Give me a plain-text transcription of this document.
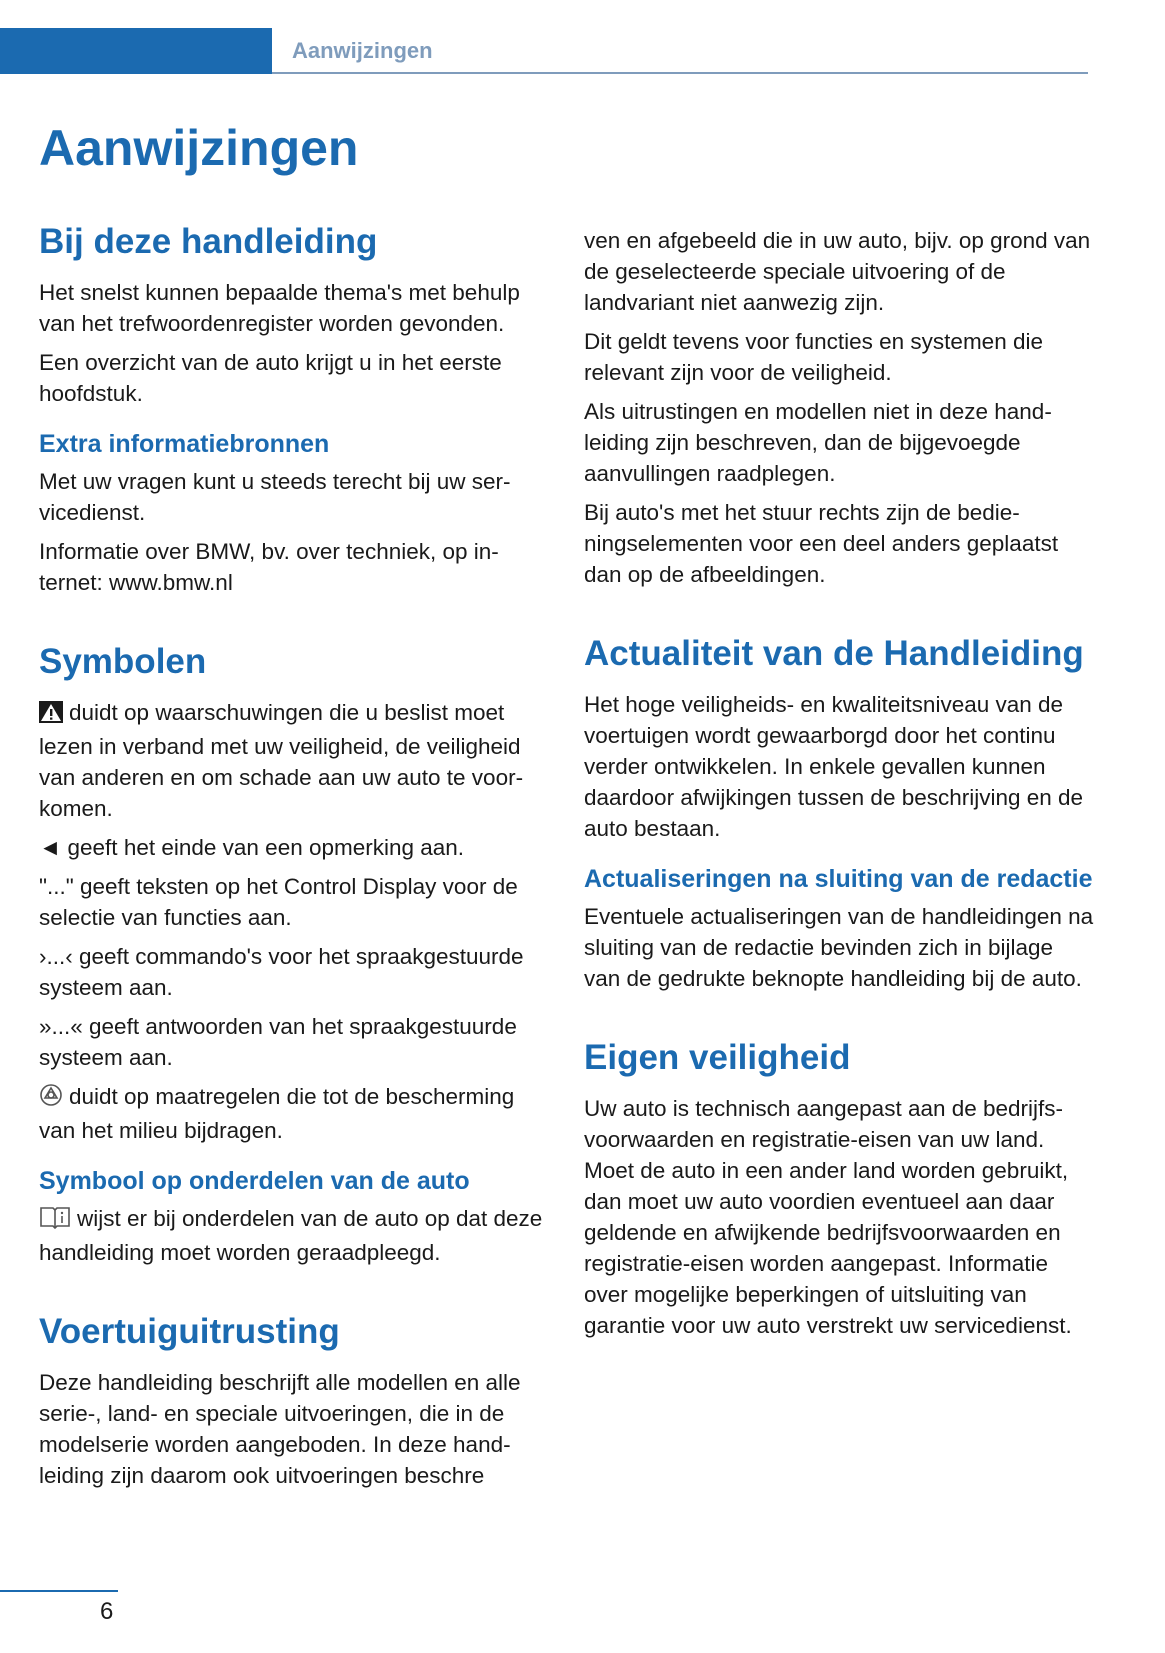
Aanwijzingen
Aanwijzingen
Bij deze handleiding

Het snelst kunnen bepaalde thema's met behulp van het trefwoordenregister worden gevonden.

Een overzicht van de auto krijgt u in het eerste hoofdstuk.

Extra informatiebronnen

Met uw vragen kunt u steeds terecht bij uw servicedienst.

Informatie over BMW, bv. over techniek, op internet: www.bmw.nl

Symbolen

duidt op waarschuwingen die u beslist moet lezen in verband met uw veiligheid, de veiligheid van anderen en om schade aan uw auto te voorkomen.

◄ geeft het einde van een opmerking aan.

"..." geeft teksten op het Control Display voor de selectie van functies aan.

›...‹ geeft commando's voor het spraakgestuurde systeem aan.

»...« geeft antwoorden van het spraakgestuurde systeem aan.

duidt op maatregelen die tot de bescherming van het milieu bijdragen.

Symbool op onderdelen van de auto

wijst er bij onderdelen van de auto op dat deze handleiding moet worden geraadpleegd.

Voertuiguitrusting

Deze handleiding beschrijft alle modellen en alle serie-, land- en speciale uitvoeringen, die in de modelserie worden aangeboden. In deze handleiding zijn daarom ook uitvoeringen beschre

ven en afgebeeld die in uw auto, bijv. op grond van de geselecteerde speciale uitvoering of de landvariant niet aanwezig zijn.

Dit geldt tevens voor functies en systemen die relevant zijn voor de veiligheid.

Als uitrustingen en modellen niet in deze handleiding zijn beschreven, dan de bijgevoegde aanvullingen raadplegen.

Bij auto's met het stuur rechts zijn de bedieningselementen voor een deel anders geplaatst dan op de afbeeldingen.

Actualiteit van de Handleiding

Het hoge veiligheids- en kwaliteitsniveau van de voertuigen wordt gewaarborgd door het continu verder ontwikkelen. In enkele gevallen kunnen daardoor afwijkingen tussen de beschrijving en de auto bestaan.

Actualiseringen na sluiting van de redactie

Eventuele actualiseringen van de handleidingen na sluiting van de redactie bevinden zich in bijlage van de gedrukte beknopte handleiding bij de auto.

Eigen veiligheid

Uw auto is technisch aangepast aan de bedrijfsvoorwaarden en registratie-eisen van uw land. Moet de auto in een ander land worden gebruikt, dan moet uw auto voordien eventueel aan daar geldende en afwijkende bedrijfsvoorwaarden en registratie-eisen worden aangepast. Informatie over mogelijke beperkingen of uitsluiting van garantie voor uw auto verstrekt uw servicedienst.

6
